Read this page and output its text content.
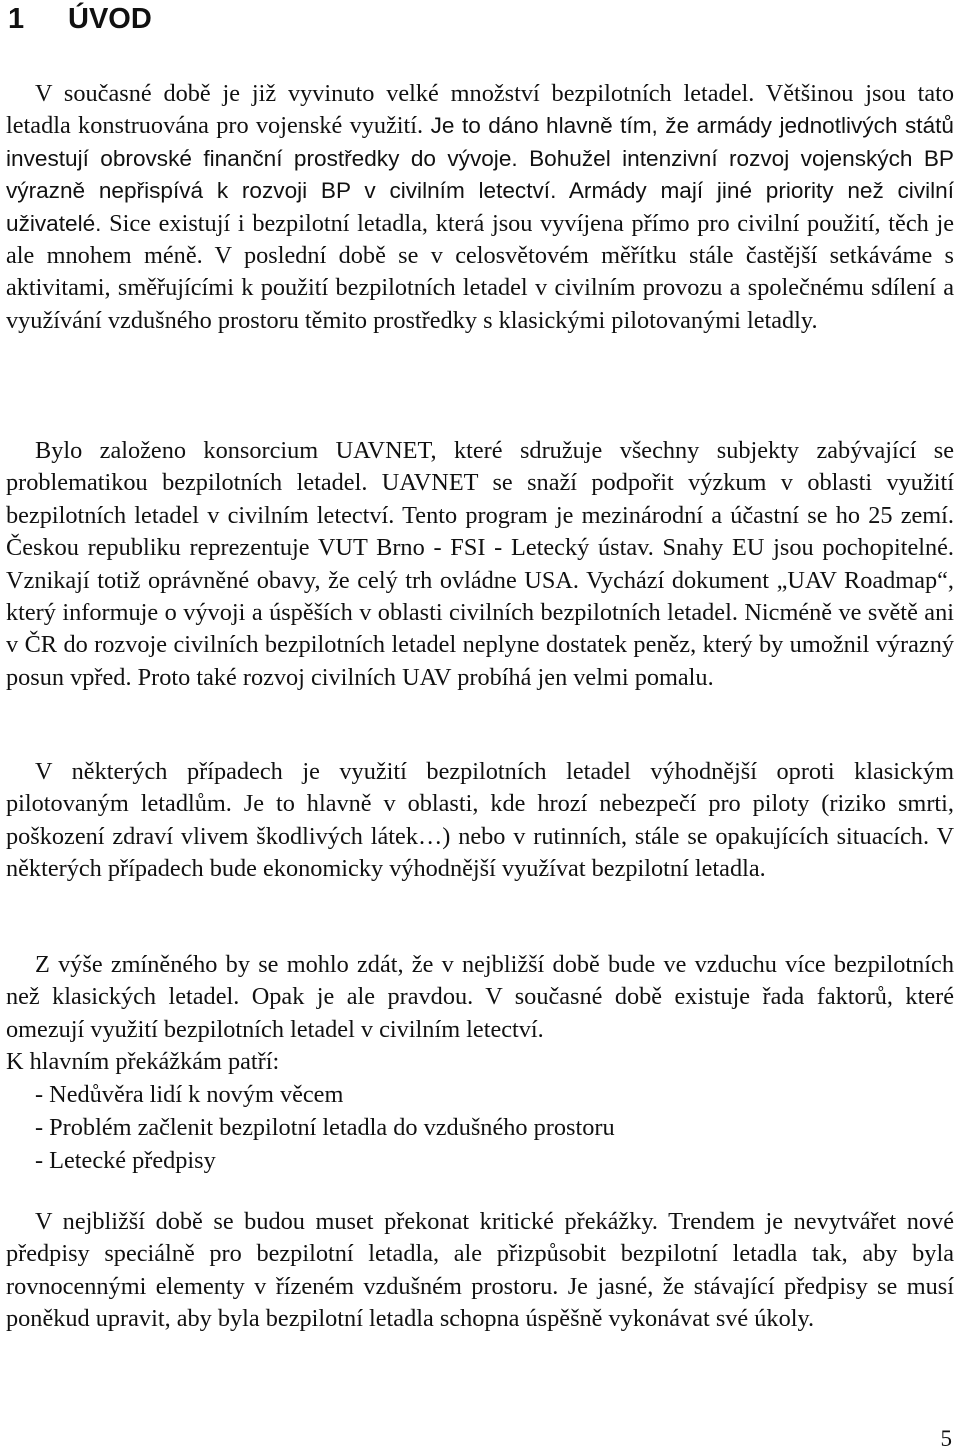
1 ÚVOD

V současné době je již vyvinuto velké množství bezpilotních letadel. Většinou jsou tato letadla konstruována pro vojenské využití. Je to dáno hlavně tím, že armády jednotlivých států investují obrovské finanční prostředky do vývoje. Bohužel intenzivní rozvoj vojenských BP výrazně nepřispívá k rozvoji BP v civilním letectví. Armády mají jiné priority než civilní uživatelé. Sice existují i bezpilotní letadla, která jsou vyvíjena přímo pro civilní použití, těch je ale mnohem méně. V poslední době se v celosvětovém měřítku stále častější setkáváme s aktivitami, směřujícími k použití bezpilotních letadel v civilním provozu a společnému sdílení a využívání vzdušného prostoru těmito prostředky s klasickými pilotovanými letadly.

Bylo založeno konsorcium UAVNET, které sdružuje všechny subjekty zabývající se problematikou bezpilotních letadel. UAVNET se snaží podpořit výzkum v oblasti využití bezpilotních letadel v civilním letectví. Tento program je mezinárodní a účastní se ho 25 zemí. Českou republiku reprezentuje VUT Brno - FSI - Letecký ústav. Snahy EU jsou pochopitelné. Vznikají totiž oprávněné obavy, že celý trh ovládne USA. Vychází dokument „UAV Roadmap“, který informuje o vývoji a úspěších v oblasti civilních bezpilotních letadel. Nicméně ve světě ani v ČR do rozvoje civilních bezpilotních letadel neplyne dostatek peněz, který by umožnil výrazný posun vpřed. Proto také rozvoj civilních UAV probíhá jen velmi pomalu.

V některých případech je využití bezpilotních letadel výhodnější oproti klasickým pilotovaným letadlům. Je to hlavně v oblasti, kde hrozí nebezpečí pro piloty (riziko smrti, poškození zdraví vlivem škodlivých látek…) nebo v rutinních, stále se opakujících situacích. V některých případech bude ekonomicky výhodnější využívat bezpilotní letadla.

Z výše zmíněného by se mohlo zdát, že v nejbližší době bude ve vzduchu více bezpilotních než klasických letadel. Opak je ale pravdou. V současné době existuje řada faktorů, které omezují využití bezpilotních letadel v civilním letectví.
K hlavním překážkám patří:

- Nedůvěra lidí k novým věcem
- Problém začlenit bezpilotní letadla do vzdušného prostoru
- Letecké předpisy

V nejbližší době se budou muset překonat kritické překážky. Trendem je nevytvářet nové předpisy speciálně pro bezpilotní letadla, ale přizpůsobit bezpilotní letadla tak, aby byla rovnocennými elementy v řízeném vzdušném prostoru. Je jasné, že stávající předpisy se musí poněkud upravit, aby byla bezpilotní letadla schopna úspěšně vykonávat své úkoly.

5
